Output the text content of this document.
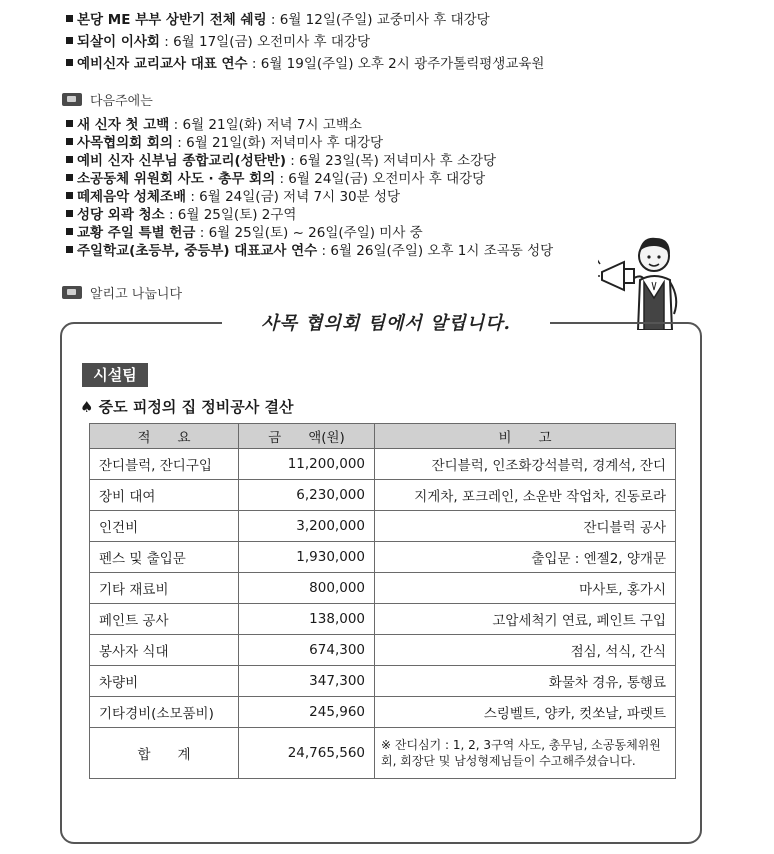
본당 ME 부부 상반기 전체 쉐링 : 6월 12일(주일) 교중미사 후 대강당
되살이 이사회 : 6월 17일(금) 오전미사 후 대강당
예비신자 교리교사 대표 연수 : 6월 19일(주일) 오후 2시 광주가톨릭평생교육원
다음주에는
새 신자 첫 고백 : 6월 21일(화) 저녁 7시 고백소
사목협의회 회의 : 6월 21일(화) 저녁미사 후 대강당
예비 신자 신부님 종합교리(성탄반) : 6월 23일(목) 저녁미사 후 소강당
소공동체 위원회 사도 · 총무 회의 : 6월 24일(금) 오전미사 후 대강당
떼제음악 성체조배 : 6월 24일(금) 저녁 7시 30분 성당
성당 외곽 청소 : 6월 25일(토) 2구역
교황 주일 특별 헌금 : 6월 25일(토) ~ 26일(주일) 미사 중
주일학교(초등부, 중등부) 대표교사 연수 : 6월 26일(주일) 오후 1시 조곡동 성당
알리고 나눕니다
사목 협의회 팀에서 알립니다.
시설팀
♠ 중도 피정의 집 정비공사 결산
적　　요	금　　액(원)	비　　고
잔디블럭, 잔디구입	11,200,000	잔디블럭, 인조화강석블럭, 경계석, 잔디
장비 대여	6,230,000	지게차, 포크레인, 소운반 작업차, 진동로라
인건비	3,200,000	잔디블럭 공사
펜스 및 출입문	1,930,000	출입문 : 엔젤2, 양개문
기타 재료비	800,000	마사토, 홍가시
페인트 공사	138,000	고압세척기 연료, 페인트 구입
봉사자 식대	674,300	점심, 석식, 간식
차량비	347,300	화물차 경유, 통행료
기타경비(소모품비)	245,960	스링벨트, 양카, 컷쏘날, 파렛트
합　　계	24,765,560	※ 잔디심기 : 1, 2, 3구역 사도, 총무님, 소공동체위원회, 회장단 및 남성형제님들이 수고해주셨습니다.
